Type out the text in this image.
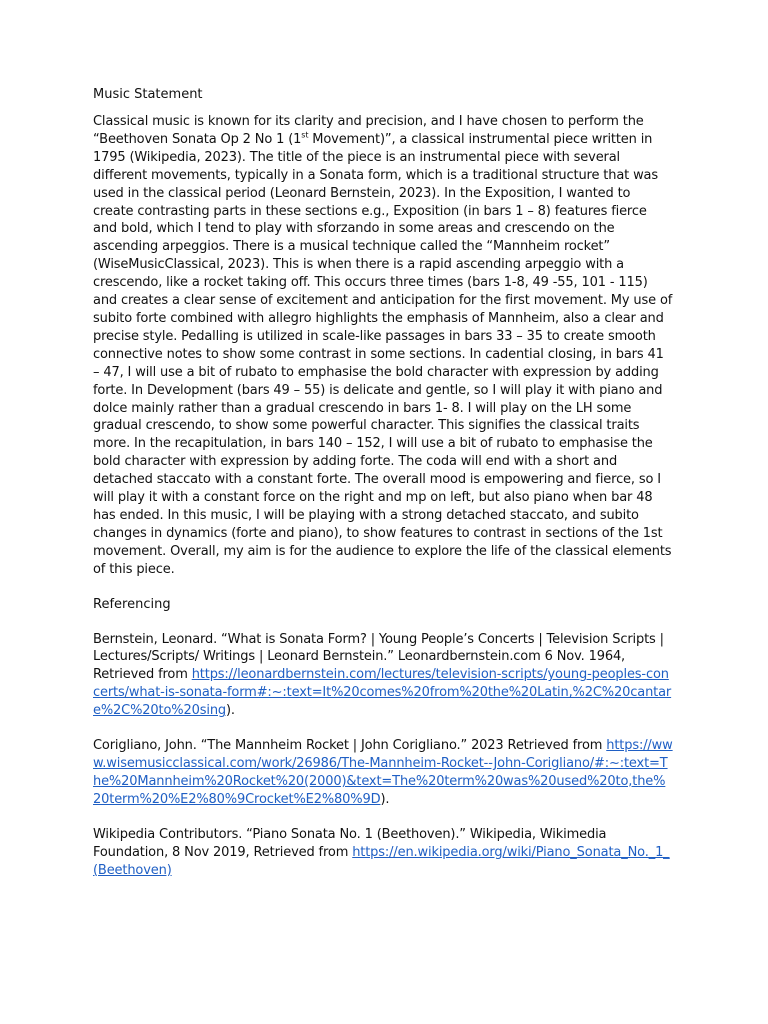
Music Statement

Classical music is known for its clarity and precision, and I have chosen to perform the “Beethoven Sonata Op 2 No 1 (1st Movement)”, a classical instrumental piece written in 1795 (Wikipedia, 2023). The title of the piece is an instrumental piece with several different movements, typically in a Sonata form, which is a traditional structure that was used in the classical period (Leonard Bernstein, 2023). In the Exposition, I wanted to create contrasting parts in these sections e.g., Exposition (in bars 1 – 8) features fierce and bold, which I tend to play with sforzando in some areas and crescendo on the ascending arpeggios. There is a musical technique called the “Mannheim rocket” (WiseMusicClassical, 2023). This is when there is a rapid ascending arpeggio with a crescendo, like a rocket taking off. This occurs three times (bars 1-8, 49 -55, 101 - 115) and creates a clear sense of excitement and anticipation for the first movement. My use of subito forte combined with allegro highlights the emphasis of Mannheim, also a clear and precise style. Pedalling is utilized in scale-like passages in bars 33 – 35 to create smooth connective notes to show some contrast in some sections. In cadential closing, in bars 41 – 47, I will use a bit of rubato to emphasise the bold character with expression by adding forte. In Development (bars 49 – 55) is delicate and gentle, so I will play it with piano and dolce mainly rather than a gradual crescendo in bars 1- 8. I will play on the LH some gradual crescendo, to show some powerful character. This signifies the classical traits more. In the recapitulation, in bars 140 – 152, I will use a bit of rubato to emphasise the bold character with expression by adding forte. The coda will end with a short and detached staccato with a constant forte. The overall mood is empowering and fierce, so I will play it with a constant force on the right and mp on left, but also piano when bar 48 has ended. In this music, I will be playing with a strong detached staccato, and subito changes in dynamics (forte and piano), to show features to contrast in sections of the 1st movement. Overall, my aim is for the audience to explore the life of the classical elements of this piece.

Referencing

Bernstein, Leonard. “What is Sonata Form? | Young People’s Concerts | Television Scripts | Lectures/Scripts/ Writings | Leonard Bernstein.” Leonardbernstein.com 6 Nov. 1964, Retrieved from https://leonardbernstein.com/lectures/television-scripts/young-peoples-concerts/what-is-sonata-form#:~:text=It%20comes%20from%20the%20Latin,%2C%20cantare%2C%20to%20sing).

Corigliano, John. “The Mannheim Rocket | John Corigliano.” 2023 Retrieved from https://www.wisemusicclassical.com/work/26986/The-Mannheim-Rocket--John-Corigliano/#:~:text=The%20Mannheim%20Rocket%20(2000)&text=The%20term%20was%20used%20to,the%20term%20%E2%80%9Crocket%E2%80%9D).

Wikipedia Contributors. “Piano Sonata No. 1 (Beethoven).” Wikipedia, Wikimedia Foundation, 8 Nov 2019, Retrieved from https://en.wikipedia.org/wiki/Piano_Sonata_No._1_(Beethoven)
